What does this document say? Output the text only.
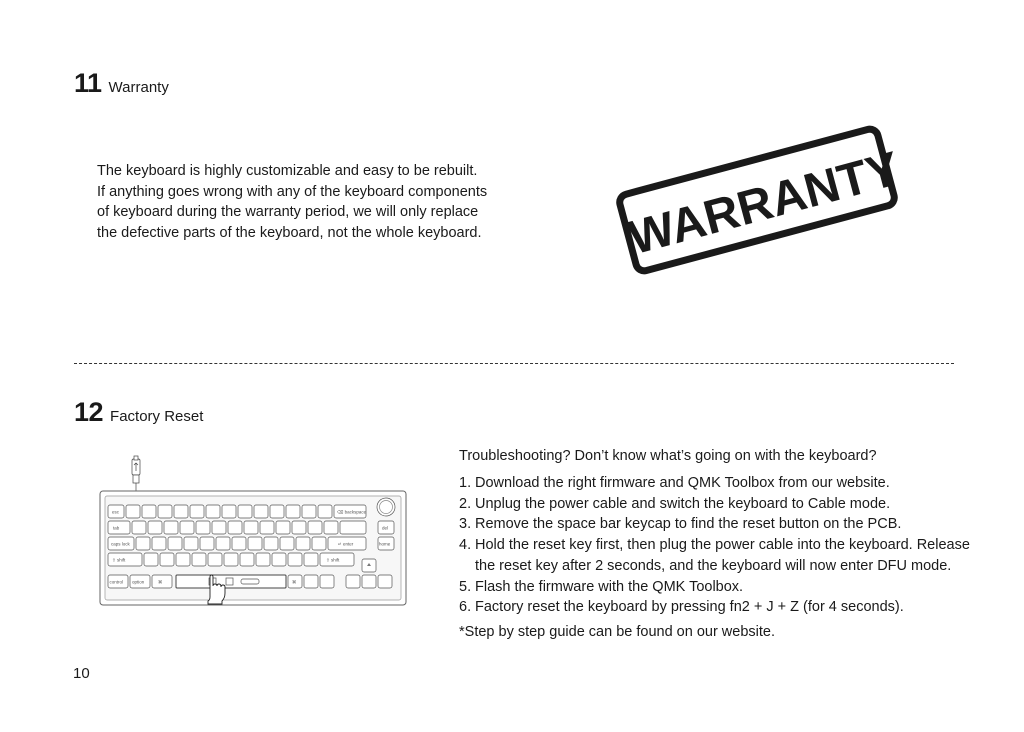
11 Warranty
The keyboard is highly customizable and easy to be rebuilt.
If anything goes wrong with any of the keyboard components
of keyboard during the warranty period, we will only replace
the defective parts of the keyboard, not the whole keyboard.	WARRANTY
12 Factory Reset
esc	⌫ backspace
tab	del
caps lock	↵ enter	home
⇧ shift	⇧ shift
control option	⌘	⌘
Troubleshooting? Don’t know what’s going on with the keyboard?
1. Download the right firmware and QMK Toolbox from our website.
2. Unplug the power cable and switch the keyboard to Cable mode.
3. Remove the space bar keycap to find the reset button on the PCB.
4. Hold the reset key first, then plug the power cable into the keyboard. Release the reset key after 2 seconds, and the keyboard will now enter DFU mode.
5. Flash the firmware with the QMK Toolbox.
6. Factory reset the keyboard by pressing fn2 + J + Z (for 4 seconds).
*Step by step guide can be found on our website.
10
